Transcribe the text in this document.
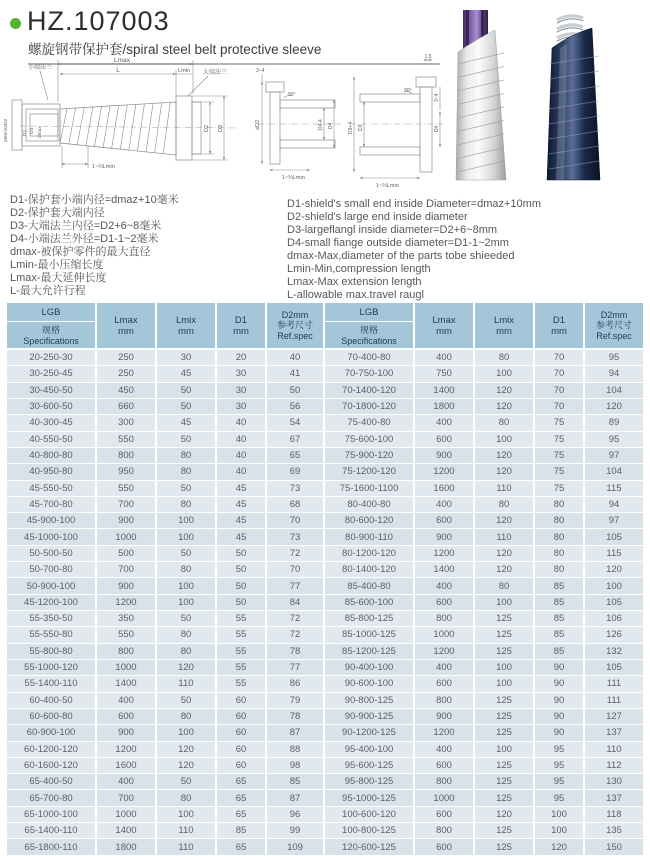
HZ.107003
螺旋钢带保护套/spiral steel belt protective sleeve
Lmax
L	Lmin
小端法兰
大端法兰
≥Mmin≥D2	D1 D4 dmax	D2 D3
1~⅔Lmin
3~4
≥D2
90°
D4-4 D4
1~⅔Lmin
1.5
D3+4 D3
90°
3~4
D4
1~⅔Lmin
D1-保护套小端内径=dmaz+10毫米
D2-保护套大端内径
D3-大端法兰内径=D2+6~8毫米
D4-小端法兰外径=D1-1~2毫米
dmax-被保护零件的最大直径
Lmin-最小压缩长度
Lmax-最大延伸长度
L-最大允许行程
D1-shield's small end inside Diameter=dmaz+10mm
D2-shield's large end inside diameter
D3-largeflangl inside diameter=D2+6~8mm
D4-small fiange outside diameter=D1-1~2mm
dmax-Max,diameter of the parts tobe shieeded
Lmin-Min,compression length
Lmax-Max extension length
L-allowable max.travel raugl
LGB
规格
Specifications

Lmax
mm

Lmix
mm

D1
mm

D2mm
参考尺寸
Ref.spec

LGB
规格
Specifications

Lmax
mm

Lmix
mm

D1
mm

D2mm
参考尺寸
Ref.spec

20-250-30	250	30	20	40	70-400-80	400	80	70	95
30-250-45	250	45	30	41	70-750-100	750	100	70	94
30-450-50	450	50	30	50	70-1400-120	1400	120	70	104
30-600-50	660	50	30	56	70-1800-120	1800	120	70	120
40-300-45	300	45	40	54	75-400-80	400	80	75	89
40-550-50	550	50	40	67	75-600-100	600	100	75	95
40-800-80	800	80	40	65	75-900-120	900	120	75	97
40-950-80	950	80	40	69	75-1200-120	1200	120	75	104
45-550-50	550	50	45	73	75-1600-1100	1600	110	75	115
45-700-80	700	80	45	68	80-400-80	400	80	80	94
45-900-100	900	100	45	70	80-600-120	600	120	80	97
45-1000-100	1000	100	45	73	80-900-110	900	110	80	105
50-500-50	500	50	50	72	80-1200-120	1200	120	80	115
50-700-80	700	80	50	70	80-1400-120	1400	120	80	120
50-900-100	900	100	50	77	85-400-80	400	80	85	100
45-1200-100	1200	100	50	84	85-600-100	600	100	85	105
55-350-50	350	50	55	72	85-800-125	800	125	85	106
55-550-80	550	80	55	72	85-1000-125	1000	125	85	126
55-800-80	800	80	55	78	85-1200-125	1200	125	85	132
55-1000-120	1000	120	55	77	90-400-100	400	100	90	105
55-1400-110	1400	110	55	86	90-600-100	600	100	90	111
60-400-50	400	50	60	79	90-800-125	800	125	90	111
60-600-80	600	80	60	78	90-900-125	900	125	90	127
60-900-100	900	100	60	87	90-1200-125	1200	125	90	137
60-1200-120	1200	120	60	88	95-400-100	400	100	95	110
60-1600-120	1600	120	60	98	95-600-125	600	125	95	112
65-400-50	400	50	65	85	95-800-125	800	125	95	130
65-700-80	700	80	65	87	95-1000-125	1000	125	95	137
65-1000-100	1000	100	65	96	100-600-120	600	120	100	118
65-1400-110	1400	110	85	99	100-800-125	800	125	100	135
65-1800-110	1800	110	65	109	120-600-125	600	125	120	150
